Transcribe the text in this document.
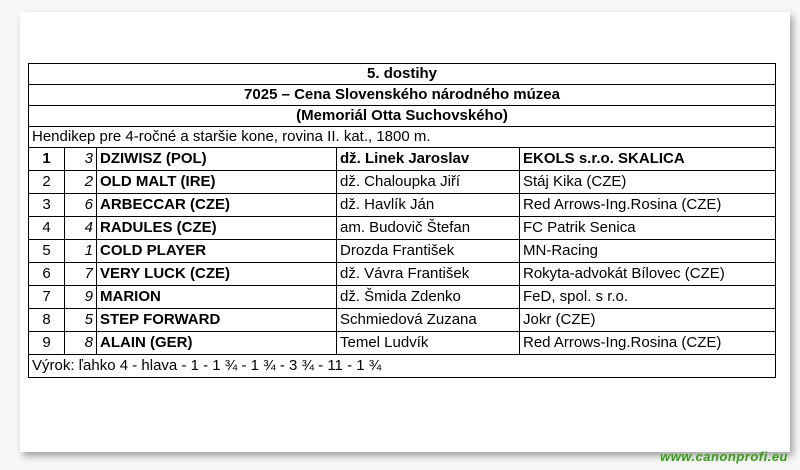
5. dostihy				
7025 – Cena Slovenského národného múzea				
(Memoriál Otta Suchovského)				
Hendikep pre 4-ročné a staršie kone, rovina II. kat., 1800 m.				
1	3	DZIWISZ (POL)	dž. Linek Jaroslav	EKOLS s.r.o. SKALICA
2	2	OLD MALT (IRE)	dž. Chaloupka Jiří	Stáj Kika (CZE)
3	6	ARBECCAR (CZE)	dž. Havlík Ján	Red Arrows-Ing.Rosina (CZE)
4	4	RADULES (CZE)	am. Budovič Štefan	FC Patrik Senica
5	1	COLD PLAYER	Drozda František	MN-Racing
6	7	VERY LUCK (CZE)	dž. Vávra František	Rokyta-advokát Bílovec (CZE)
7	9	MARION	dž. Šmida Zdenko	FeD, spol. s r.o.
8	5	STEP FORWARD	Schmiedová Zuzana	Jokr (CZE)
9	8	ALAIN (GER)	Temel Ludvík	Red Arrows-Ing.Rosina (CZE)
Výrok: ľahko 4 - hlava - 1 - 1 ¾ - 1 ¾ - 3 ¾ - 11 - 1 ¾				
www.canonprofi.eu
